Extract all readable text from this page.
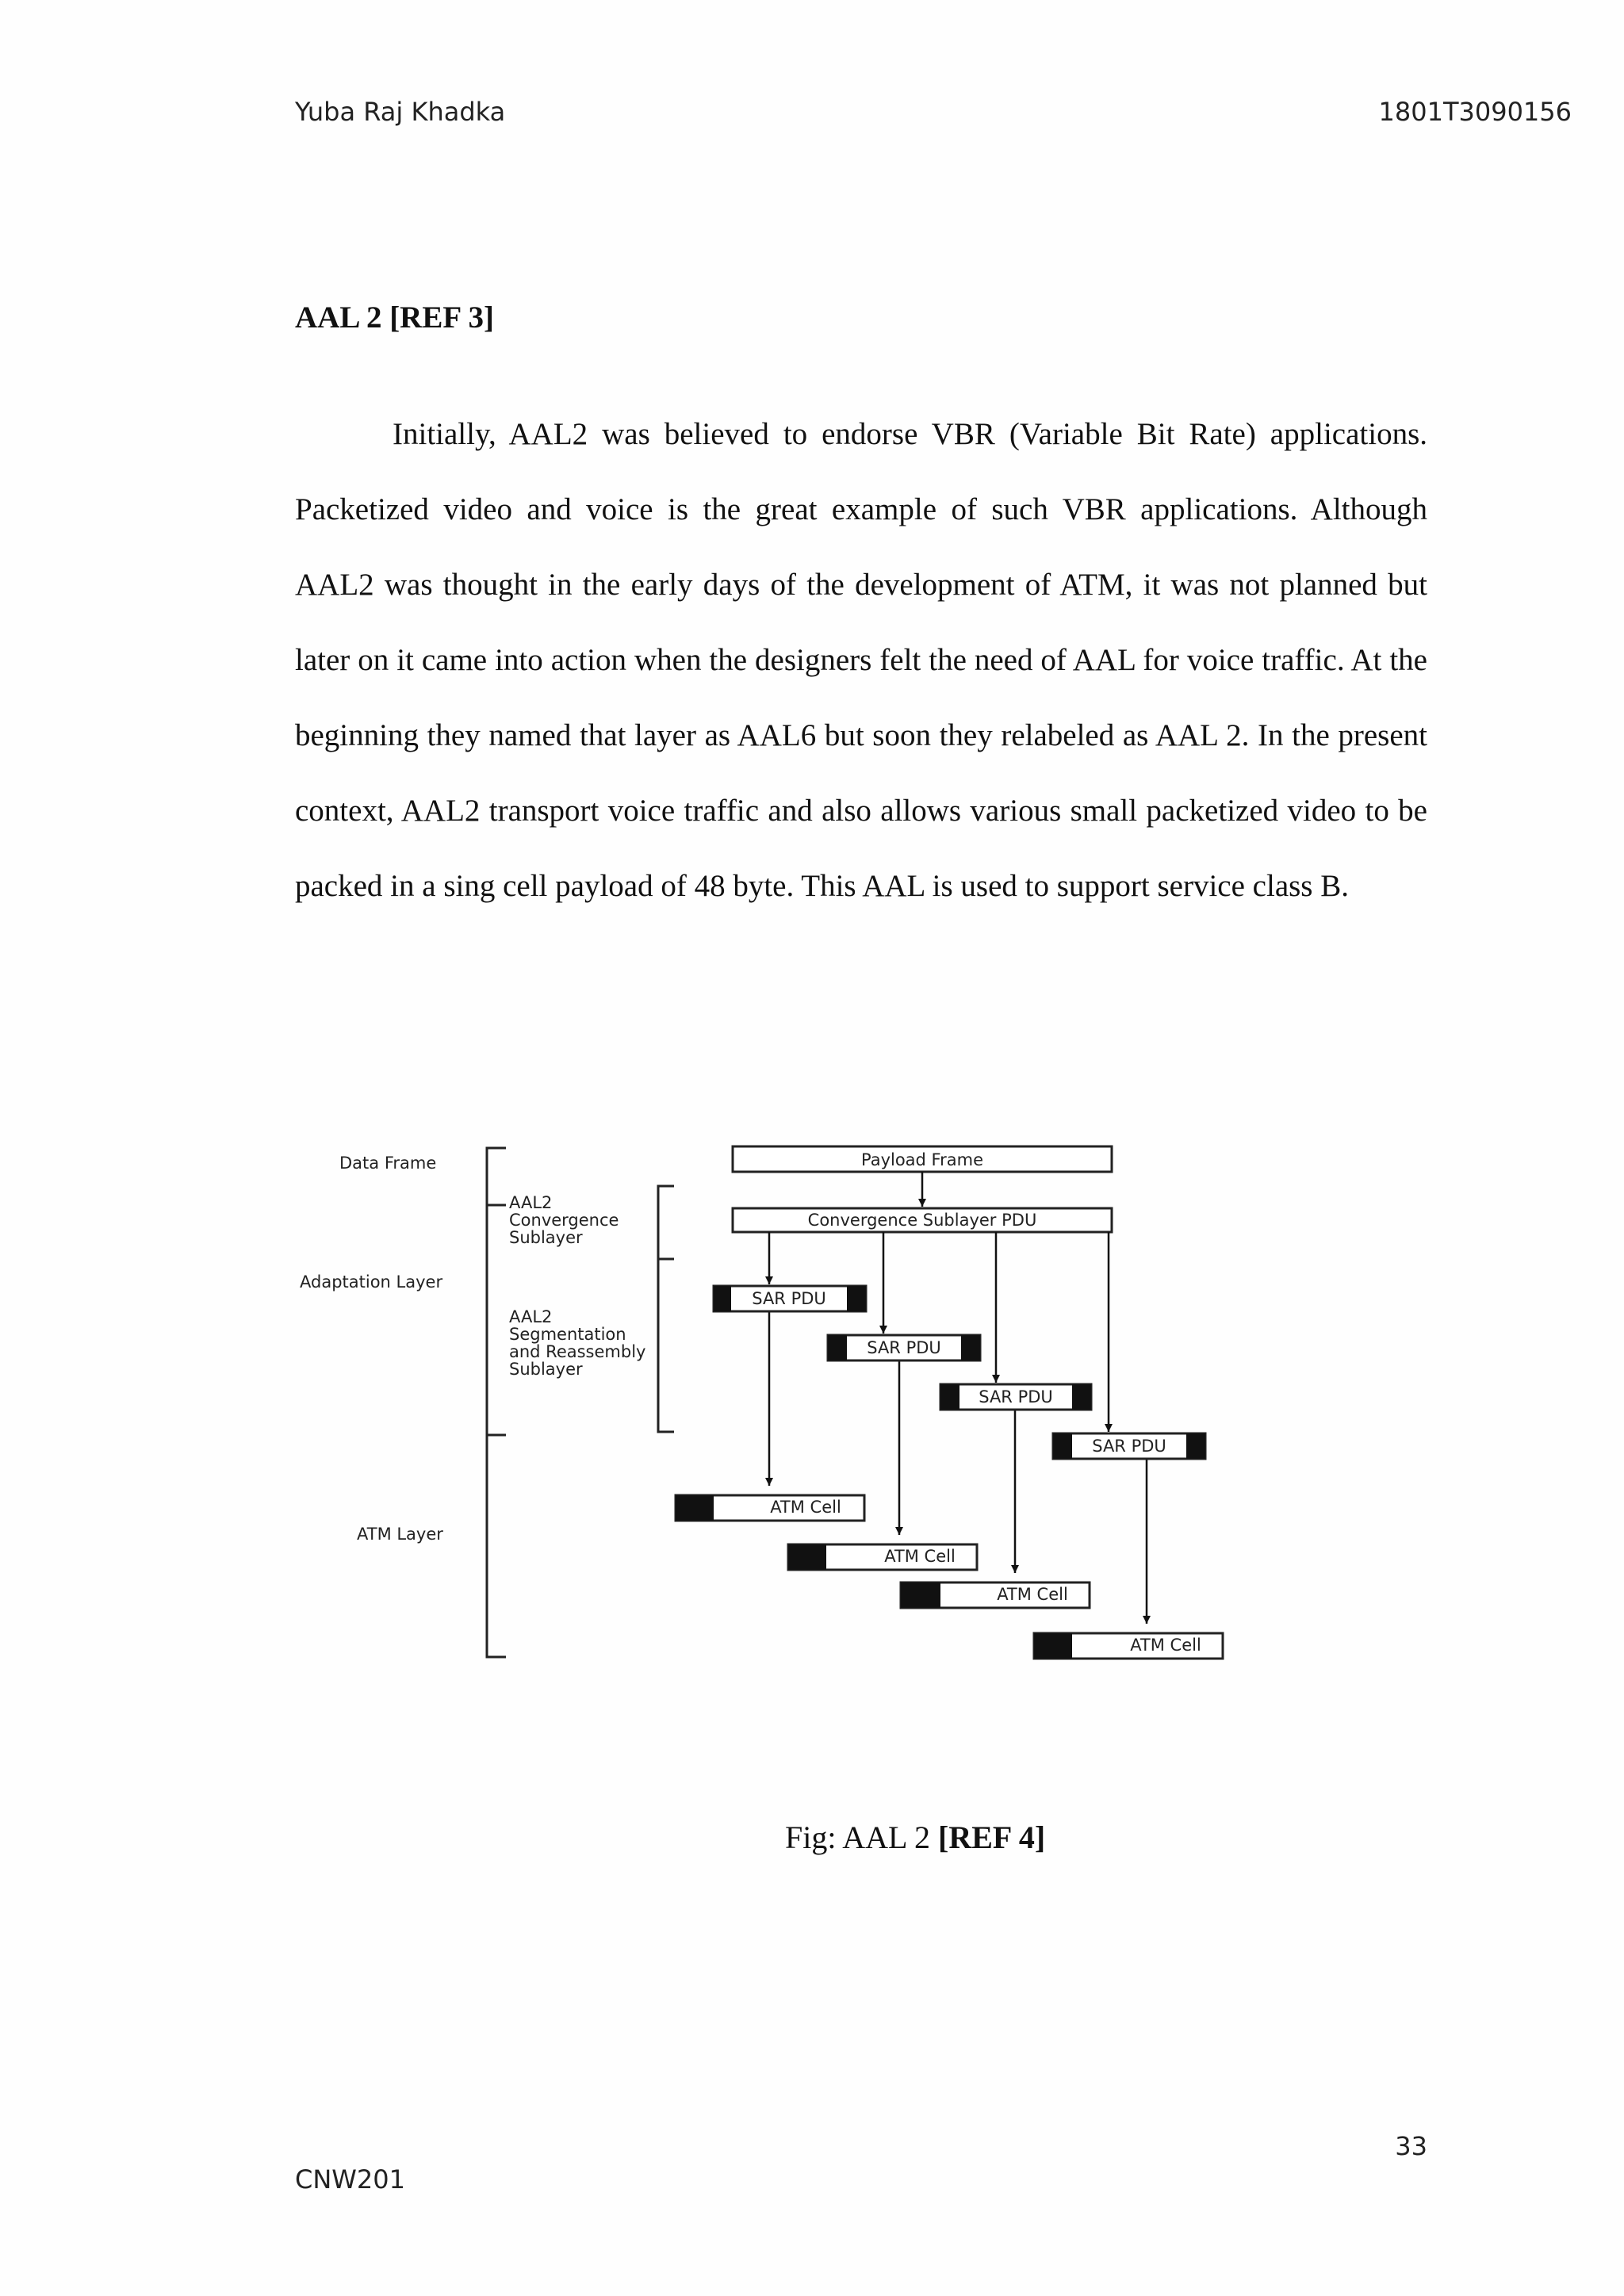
Yuba Raj Khadka	1801T3090156
AAL 2 [REF 3]

Initially, AAL2 was believed to endorse VBR (Variable Bit Rate) applications. Packetized video and voice is the great example of such VBR applications. Although AAL2 was thought in the early days of the development of ATM, it was not planned but later on it came into action when the designers felt the need of AAL for voice traffic. At the beginning they named that layer as AAL6 but soon they relabeled as AAL 2. In the present context, AAL2 transport voice traffic and also allows various small packetized video to be packed in a sing cell payload of 48 byte. This AAL is used to support service class B.

Data Frame
Adaptation Layer
ATM Layer
AAL2
Convergence
Sublayer
AAL2
Segmentation
and Reassembly
Sublayer
Payload Frame
Convergence Sublayer PDU
SAR PDU
SAR PDU
SAR PDU
SAR PDU
ATM Cell
ATM Cell
ATM Cell
ATM Cell
Fig: AAL 2 [REF 4]
33
CNW201
